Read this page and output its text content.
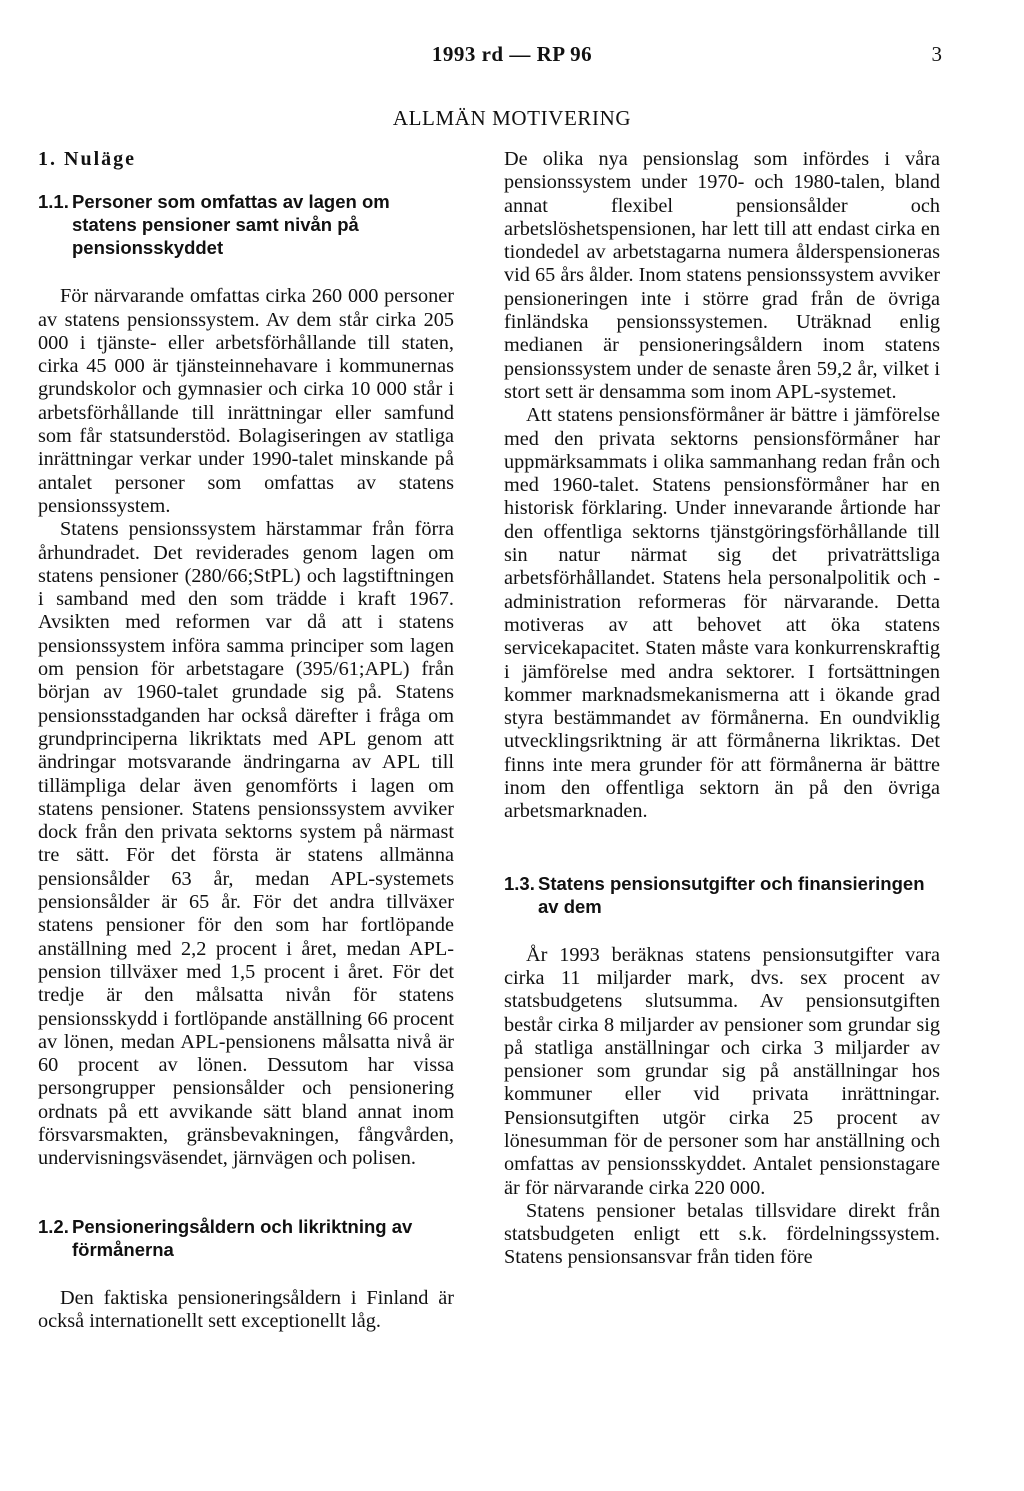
1993 rd — RP 96	3
ALLMÄN MOTIVERING
1. Nuläge
1.1. Personer som omfattas av lagen om statens pensioner samt nivån på pensionsskyddet

För närvarande omfattas cirka 260 000 personer av statens pensionssystem. Av dem står cirka 205 000 i tjänste- eller arbetsförhållande till staten, cirka 45 000 är tjänsteinnehavare i kommunernas grundskolor och gymnasier och cirka 10 000 står i arbetsförhållande till inrättningar eller samfund som får statsunderstöd. Bolagiseringen av statliga inrättningar verkar under 1990-talet minskande på antalet personer som omfattas av statens pensionssystem.

Statens pensionssystem härstammar från förra århundradet. Det reviderades genom lagen om statens pensioner (280/66;StPL) och lagstiftningen i samband med den som trädde i kraft 1967. Avsikten med reformen var då att i statens pensionssystem införa samma principer som lagen om pension för arbetstagare (395/61;APL) från början av 1960-talet grundade sig på. Statens pensionsstadganden har också därefter i fråga om grundprinciperna likriktats med APL genom att ändringar motsvarande ändringarna av APL till tillämpliga delar även genomförts i lagen om statens pensioner. Statens pensionssystem avviker dock från den privata sektorns system på närmast tre sätt. För det första är statens allmänna pensionsålder 63 år, medan APL-systemets pensionsålder är 65 år. För det andra tillväxer statens pensioner för den som har fortlöpande anställning med 2,2 procent i året, medan APL-pension tillväxer med 1,5 procent i året. För det tredje är den målsatta nivån för statens pensionsskydd i fortlöpande anställning 66 procent av lönen, medan APL-pensionens målsatta nivå är 60 procent av lönen. Dessutom har vissa persongrupper pensionsålder och pensionering ordnats på ett avvikande sätt bland annat inom försvarsmakten, gränsbevakningen, fångvården, undervisningsväsendet, järnvägen och polisen.

1.2. Pensioneringsåldern och likriktning av förmånerna

Den faktiska pensioneringsåldern i Finland är också internationellt sett exceptionellt låg.

De olika nya pensionslag som infördes i våra pensionssystem under 1970- och 1980-talen, bland annat flexibel pensionsålder och arbetslöshetspensionen, har lett till att endast cirka en tiondedel av arbetstagarna numera ålderspensioneras vid 65 års ålder. Inom statens pensionssystem avviker pensioneringen inte i större grad från de övriga finländska pensionssystemen. Uträknad enlig medianen är pensioneringsåldern inom statens pensionssystem under de senaste åren 59,2 år, vilket i stort sett är densamma som inom APL-systemet.

Att statens pensionsförmåner är bättre i jämförelse med den privata sektorns pensionsförmåner har uppmärksammats i olika sammanhang redan från och med 1960-talet. Statens pensionsförmåner har en historisk förklaring. Under innevarande årtionde har den offentliga sektorns tjänstgöringsförhållande till sin natur närmat sig det privaträttsliga arbetsförhållandet. Statens hela personalpolitik och -administration reformeras för närvarande. Detta motiveras av att behovet att öka statens servicekapacitet. Staten måste vara konkurrenskraftig i jämförelse med andra sektorer. I fortsättningen kommer marknadsmekanismerna att i ökande grad styra bestämmandet av förmånerna. En oundviklig utvecklingsriktning är att förmånerna likriktas. Det finns inte mera grunder för att förmånerna är bättre inom den offentliga sektorn än på den övriga arbetsmarknaden.

1.3. Statens pensionsutgifter och finansieringen av dem

År 1993 beräknas statens pensionsutgifter vara cirka 11 miljarder mark, dvs. sex procent av statsbudgetens slutsumma. Av pensionsutgiften består cirka 8 miljarder av pensioner som grundar sig på statliga anställningar och cirka 3 miljarder av pensioner som grundar sig på anställningar hos kommuner eller vid privata inrättningar. Pensionsutgiften utgör cirka 25 procent av lönesumman för de personer som har anställning och omfattas av pensionsskyddet. Antalet pensionstagare är för närvarande cirka 220 000.

Statens pensioner betalas tillsvidare direkt från statsbudgeten enligt ett s.k. fördelningssystem. Statens pensionsansvar från tiden före
